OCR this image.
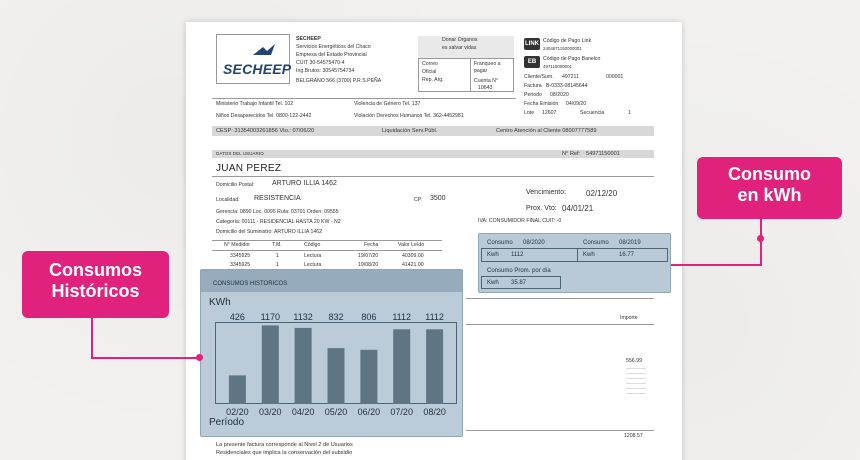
SECHEEP
SECHEEP
Servicios Energéticos del Chaco
Empresa del Estado Provincial
CUIT 30-54575470-4
Ing.Brutos: 30545754734
BELGRANO 566 (3700) P.R.S.PEÑA
Donar Organos
es salvar vidas
Correo
Oficial
Rep. Arg.
Franqueo a
pagar
Cuenta N°
10643
LINK Código de Pago Link
2404971150000001
EB	Código de Pago Banelco
497115000001
Cliente/Sum. 497211	000001
Factura B-0333-08145644
Periodo 08/2020
Fecha Emisión 04/09/20
Lote 12607	Secuencia	1
Ministerio Trabajo Infantil Tel. 102	Violencia de Género Tel. 137
Niños Desaparecidos Tel. 0800-122-2442	Violación Derechos Humanos Tel. 362-4452981
CESP: 31354003261856 Vto.: 07/06/20	Liquidación Serv.Públ.	Centro Atención al Cliente 08007777589
DATOS DEL USUARIO	N° Ref: 54971150001
JUAN PEREZ
Domicilio Postal:	ARTURO ILLIA 1462
Localidad: RESISTENCIA	CP: 3500
Gerencia: 0890 Loc. 0095 Ruta: 03701 Orden: 09555
Categoría: 00111 - RESIDENCIAL HASTA 20 KW - N2
Domicilio del Suministro: ARTURO ILLIA 1462
Vencimiento: 02/12/20
Prox. Vto: 04/01/21
IVA: CONSUMIDOR FINAL CUIT: -0
N° Medidor	T.M.	Código	Fecha	Valor Leído
3345925	1	Lectura	19/07/20	40309.00
3345925	1	Lectura	19/08/20	41421.00
Importe
556.99
1208.57
La presente factura corresponde al Nivel 2 de Usuarios
Residenciales que implica la conservación del subsidio
CONSUMOS HISTORICOS
KWh
426
02/20
1170
03/20
1132
04/20
832
05/20
806
06/20
1112
07/20
1112
08/20
Período
Consumo 08/2020	Consumo 08/2019
Kwh 1112	Kwh	16.77
Consumo Prom. por día
Kwh 35.87
Consumos
Históricos
Consumo
en kWh
